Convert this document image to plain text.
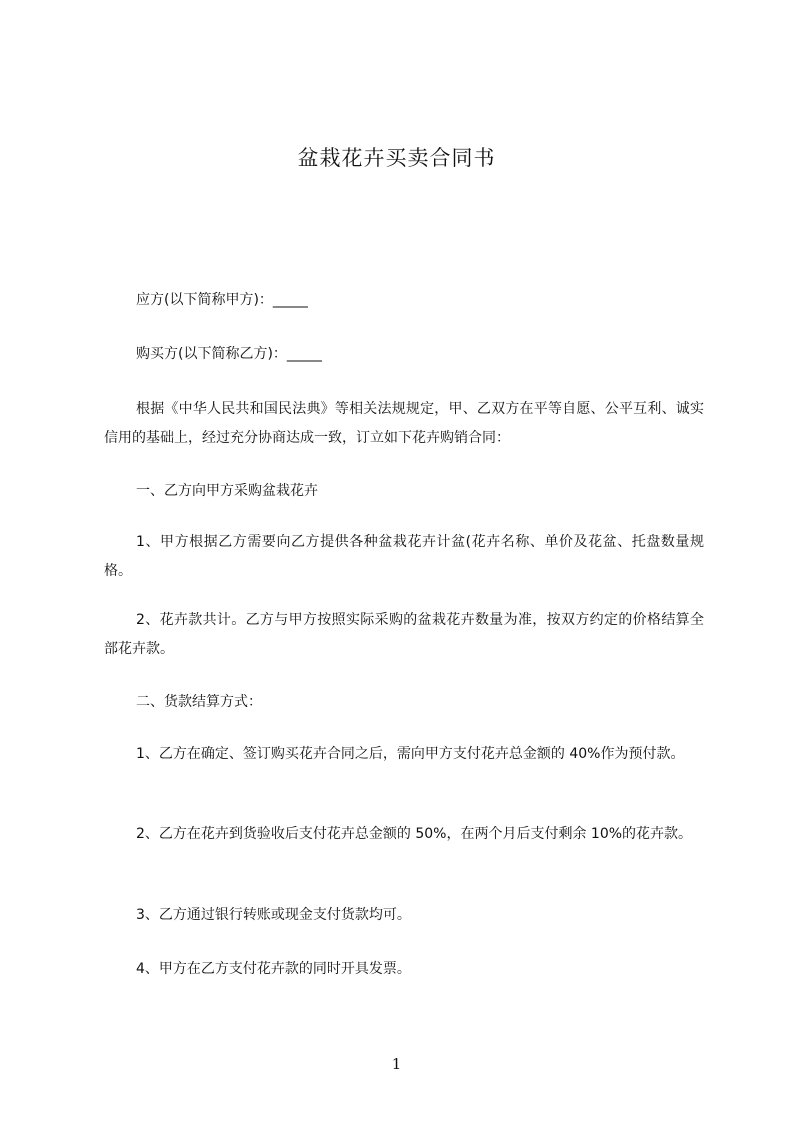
盆栽花卉买卖合同书
应方(以下简称甲方)：_____
购买方(以下简称乙方)：_____
根据《中华人民共和国民法典》等相关法规规定，甲、乙双方在平等自愿、公平互利、诚实信用的基础上，经过充分协商达成一致，订立如下花卉购销合同：
一、乙方向甲方采购盆栽花卉
1、甲方根据乙方需要向乙方提供各种盆栽花卉计盆(花卉名称、单价及花盆、托盘数量规格。
2、花卉款共计。乙方与甲方按照实际采购的盆栽花卉数量为准，按双方约定的价格结算全部花卉款。
二、货款结算方式：
1、乙方在确定、签订购买花卉合同之后，需向甲方支付花卉总金额的 40%作为预付款。
2、乙方在花卉到货验收后支付花卉总金额的 50%，在两个月后支付剩余 10%的花卉款。
3、乙方通过银行转账或现金支付货款均可。
4、甲方在乙方支付花卉款的同时开具发票。
1
